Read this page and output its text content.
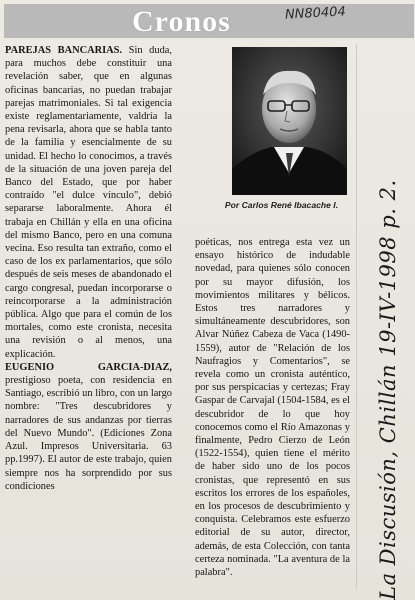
Cronos	NN80404

PAREJAS BANCARIAS. Sin duda, para muchos debe constituir una revelación saber, que en algunas oficinas bancarias, no puedan trabajar parejas matrimoniales. Si tal exigencia existe reglamentariamente, valdría la pena revisarla, ahora que se habla tanto de la familia y esencialmente de su unidad. El hecho lo conocimos, a través de la situación de una joven pareja del Banco del Estado, que por haber contraído "el dulce vínculo", debió separarse laboralmente. Ahora él trabaja en Chillán y ella en una oficina del mismo Banco, pero en una comuna vecina. Eso resulta tan extraño, como el caso de los ex parlamentarios, que sólo después de seis meses de abandonado el cargo congresal, puedan incorporarse o reincorporarse a la administración pública. Algo que para el común de los mortales, como este cronista, necesita una revisión o al menos, una explicación.

EUGENIO GARCIA-DIAZ, prestigioso poeta, con residencia en Santiago, escribió un libro, con un largo nombre: "Tres descubridores y narradores de sus andanzas por tierras del Nuevo Mundo". (Ediciones Zona Azul. Impresos Universitaria. 63 pp.1997). El autor de este trabajo, quien siempre nos ha sorprendido por sus condiciones

Por Carlos René Ibacache I.

poéticas, nos entrega esta vez un ensayo histórico de indudable novedad, para quienes sólo conocen por su mayor difusión, los movimientos militares y bélicos. Estos tres narradores y simultáneamente descubridores, son Alvar Núñez Cabeza de Vaca (1490-1559), autor de "Relación de los Naufragios y Comentarios", se revela como un cronista auténtico, por sus perspicacias y certezas; Fray Gaspar de Carvajal (1504-1584, es el descubridor de lo que hoy conocemos como el Río Amazonas y finalmente, Pedro Cierzo de León (1522-1554), quien tiene el mérito de haber sido uno de los pocos cronistas, que representó en sus escritos los errores de los españoles, en los procesos de descubrimiento y conquista. Celebramos este esfuerzo editorial de su autor, director, además, de esta Colección, con tanta certeza nominada. "La aventura de la palabra".	La Discusión, Chillán 19-IV-1998 p. 2.
